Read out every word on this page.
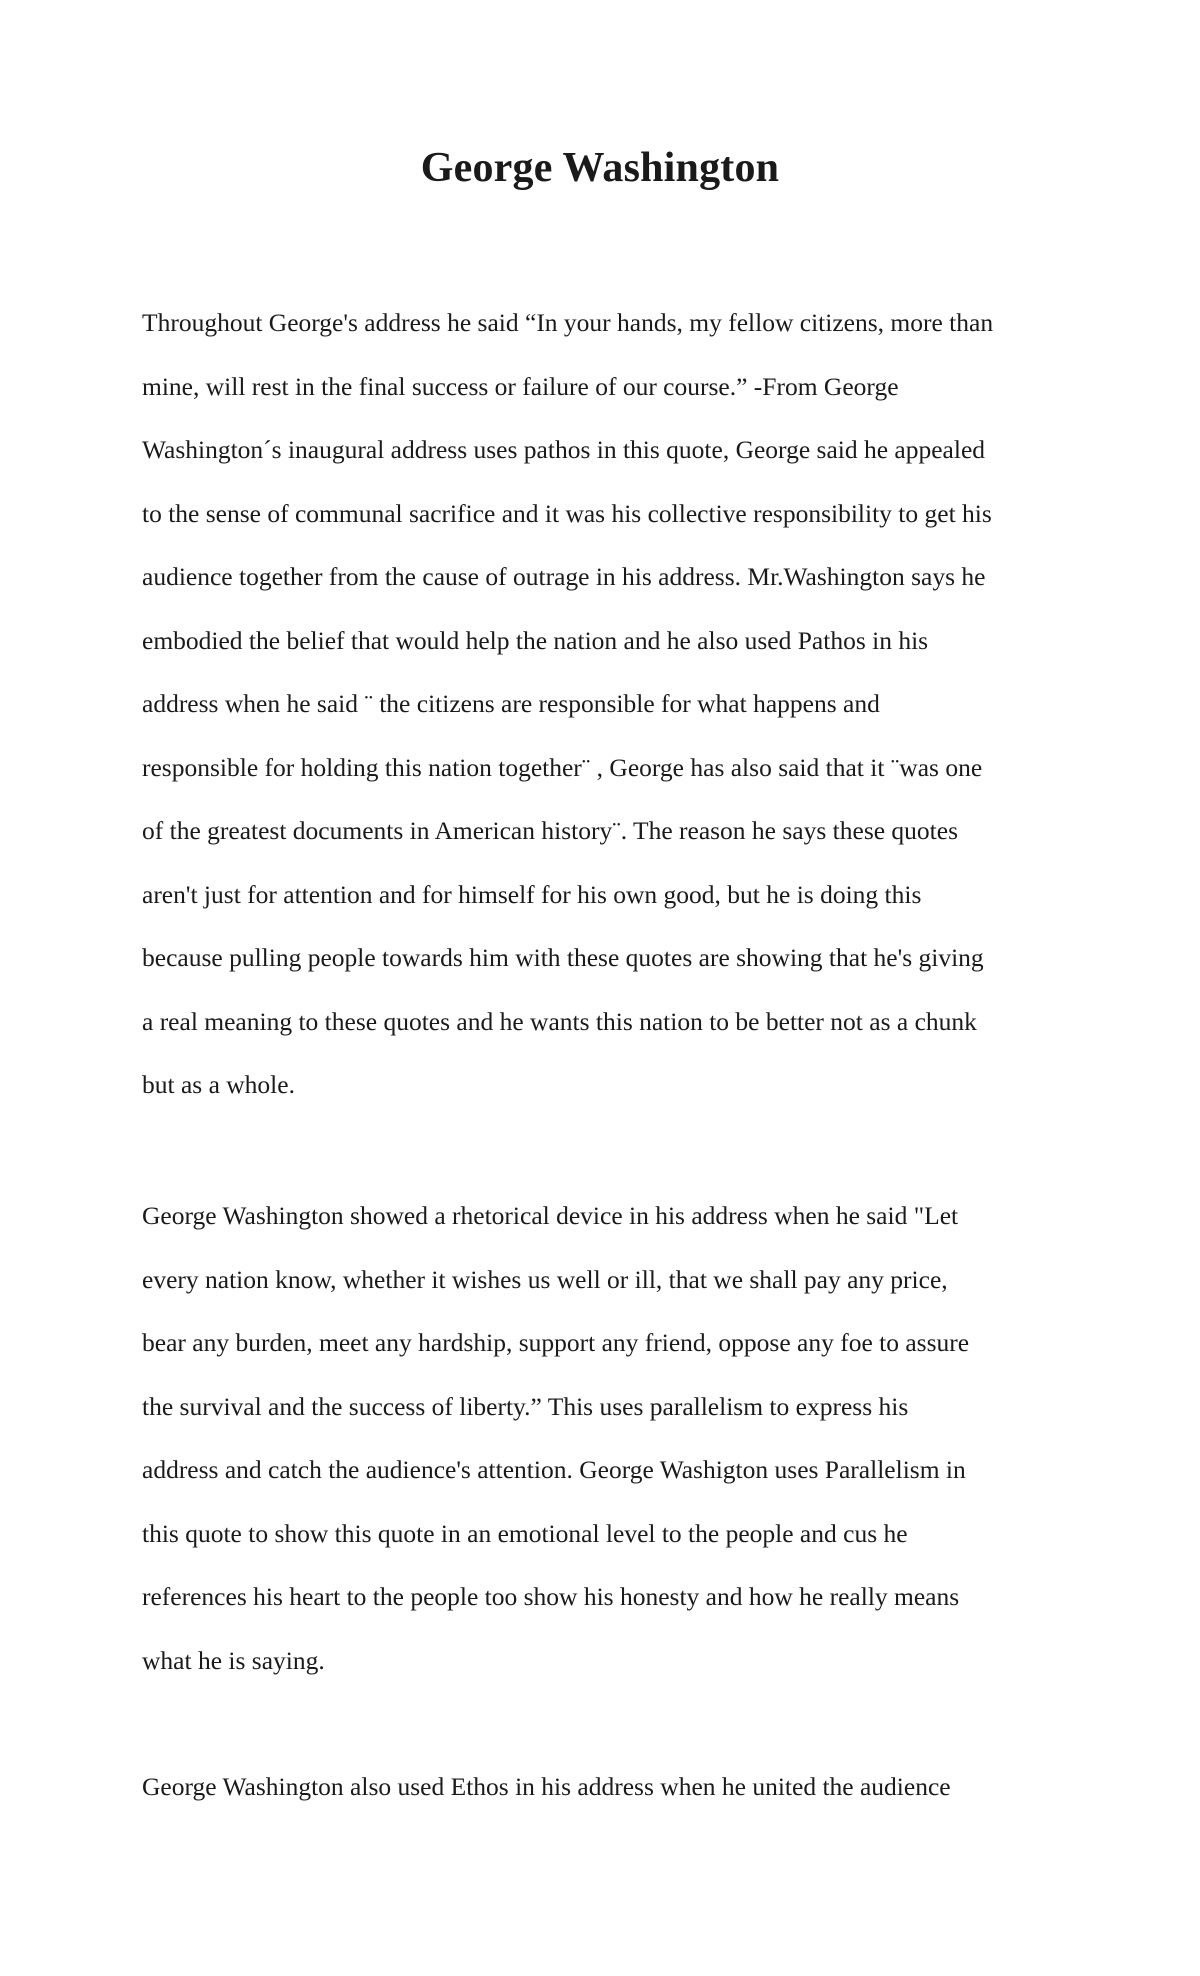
George Washington

Throughout George's address he said “In your hands, my fellow citizens, more than
mine, will rest in the final success or failure of our course.” -From George
Washington´s inaugural address uses pathos in this quote, George said he appealed
to the sense of communal sacrifice and it was his collective responsibility to get his
audience together from the cause of outrage in his address. Mr.Washington says he
embodied the belief that would help the nation and he also used Pathos in his
address when he said ¨ the citizens are responsible for what happens and
responsible for holding this nation together¨ , George has also said that it ¨was one
of the greatest documents in American history¨. The reason he says these quotes
aren't just for attention and for himself for his own good, but he is doing this
because pulling people towards him with these quotes are showing that he's giving
a real meaning to these quotes and he wants this nation to be better not as a chunk
but as a whole.

George Washington showed a rhetorical device in his address when he said "Let
every nation know, whether it wishes us well or ill, that we shall pay any price,
bear any burden, meet any hardship, support any friend, oppose any foe to assure
the survival and the success of liberty.” This uses parallelism to express his
address and catch the audience's attention. George Washigton uses Parallelism in
this quote to show this quote in an emotional level to the people and cus he
references his heart to the people too show his honesty and how he really means
what he is saying.

George Washington also used Ethos in his address when he united the audience
